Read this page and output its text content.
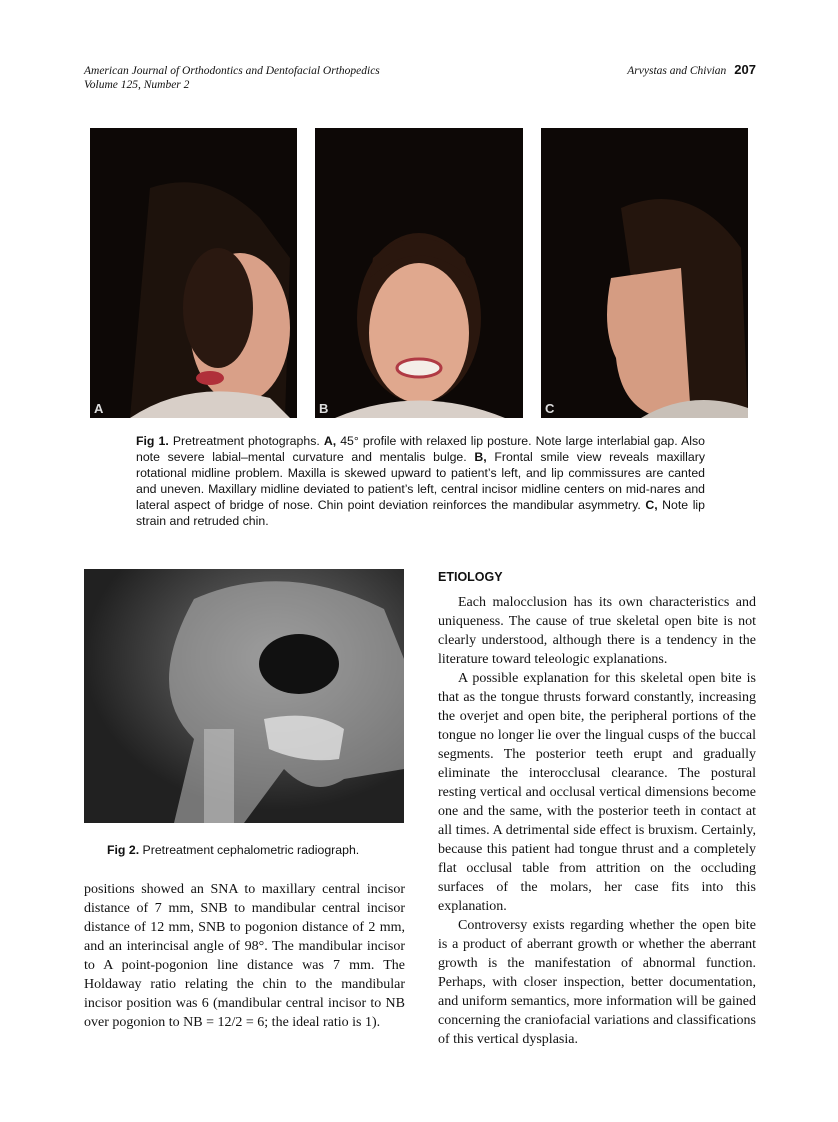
American Journal of Orthodontics and Dentofacial Orthopedics
Volume 125, Number 2
Arvystas and Chivian 207
A	B	C
Fig 1. Pretreatment photographs. A, 45° profile with relaxed lip posture. Note large interlabial gap. Also note severe labial–mental curvature and mentalis bulge. B, Frontal smile view reveals maxillary rotational midline problem. Maxilla is skewed upward to patient’s left, and lip commissures are canted and uneven. Maxillary midline deviated to patient’s left, central incisor midline centers on mid-nares and lateral aspect of bridge of nose. Chin point deviation reinforces the mandibular asymmetry. C, Note lip strain and retruded chin.
Fig 2. Pretreatment cephalometric radiograph.

positions showed an SNA to maxillary central incisor distance of 7 mm, SNB to mandibular central incisor distance of 12 mm, SNB to pogonion distance of 2 mm, and an interincisal angle of 98°. The mandibular incisor to A point-pogonion line distance was 7 mm. The Holdaway ratio relating the chin to the mandibular incisor position was 6 (mandibular central incisor to NB over pogonion to NB = 12/2 = 6; the ideal ratio is 1).

ETIOLOGY

Each malocclusion has its own characteristics and uniqueness. The cause of true skeletal open bite is not clearly understood, although there is a tendency in the literature toward teleologic explanations.

A possible explanation for this skeletal open bite is that as the tongue thrusts forward constantly, increasing the overjet and open bite, the peripheral portions of the tongue no longer lie over the lingual cusps of the buccal segments. The posterior teeth erupt and gradually eliminate the interocclusal clearance. The postural resting vertical and occlusal vertical dimensions become one and the same, with the posterior teeth in contact at all times. A detrimental side effect is bruxism. Certainly, because this patient had tongue thrust and a completely flat occlusal table from attrition on the occluding surfaces of the molars, her case fits into this explanation.

Controversy exists regarding whether the open bite is a product of aberrant growth or whether the aberrant growth is the manifestation of abnormal function. Perhaps, with closer inspection, better documentation, and uniform semantics, more information will be gained concerning the craniofacial variations and classifications of this vertical dysplasia.
